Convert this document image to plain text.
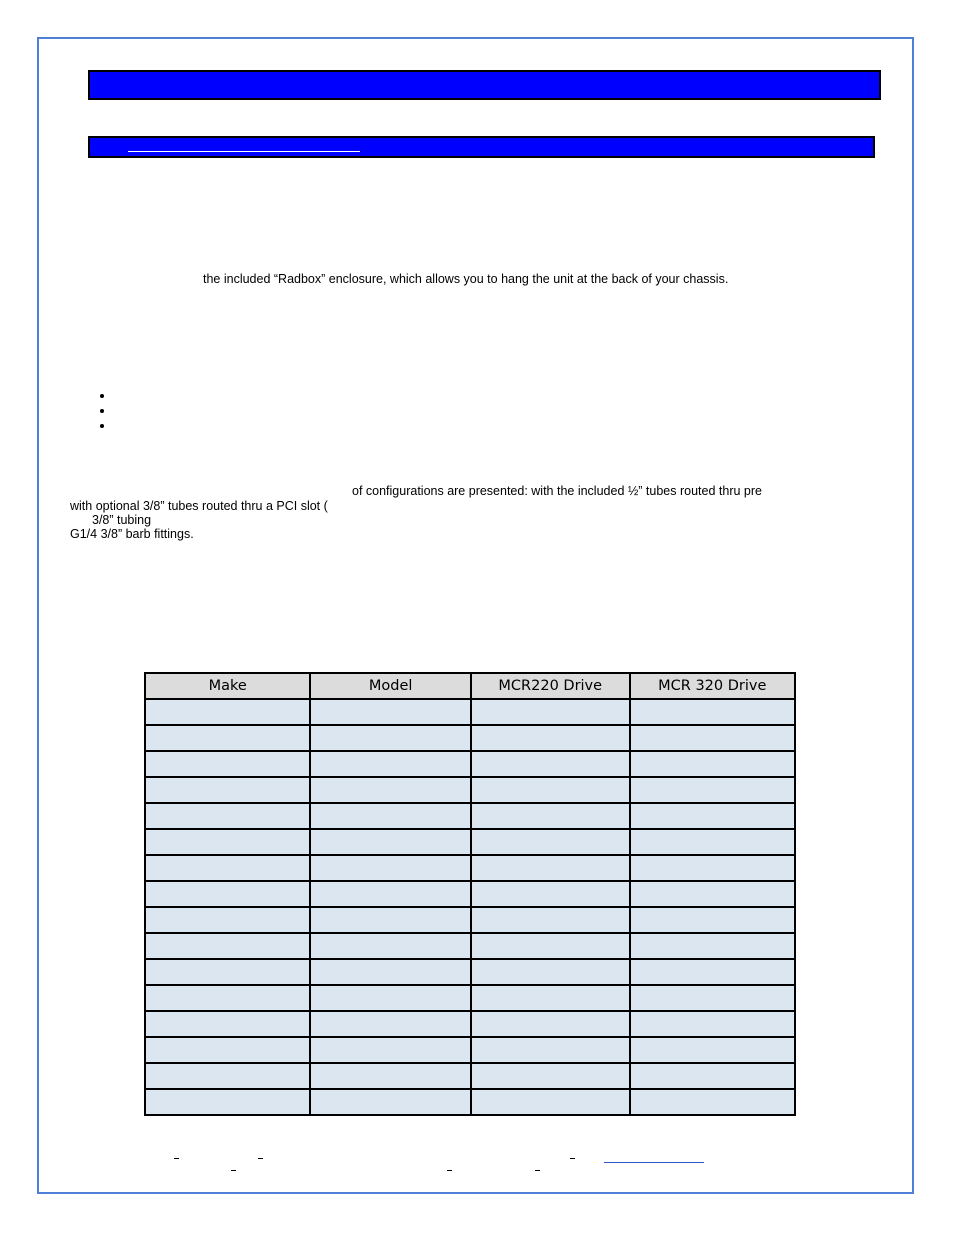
the included “Radbox” enclosure, which allows you to hang the unit at the back of your chassis.
of configurations are presented: with the included ½” tubes routed thru pre
with optional 3/8” tubes routed thru a PCI slot (
3/8” tubing
G1/4 3/8” barb fittings.
Make	Model	MCR220 Drive	MCR 320 Drive
